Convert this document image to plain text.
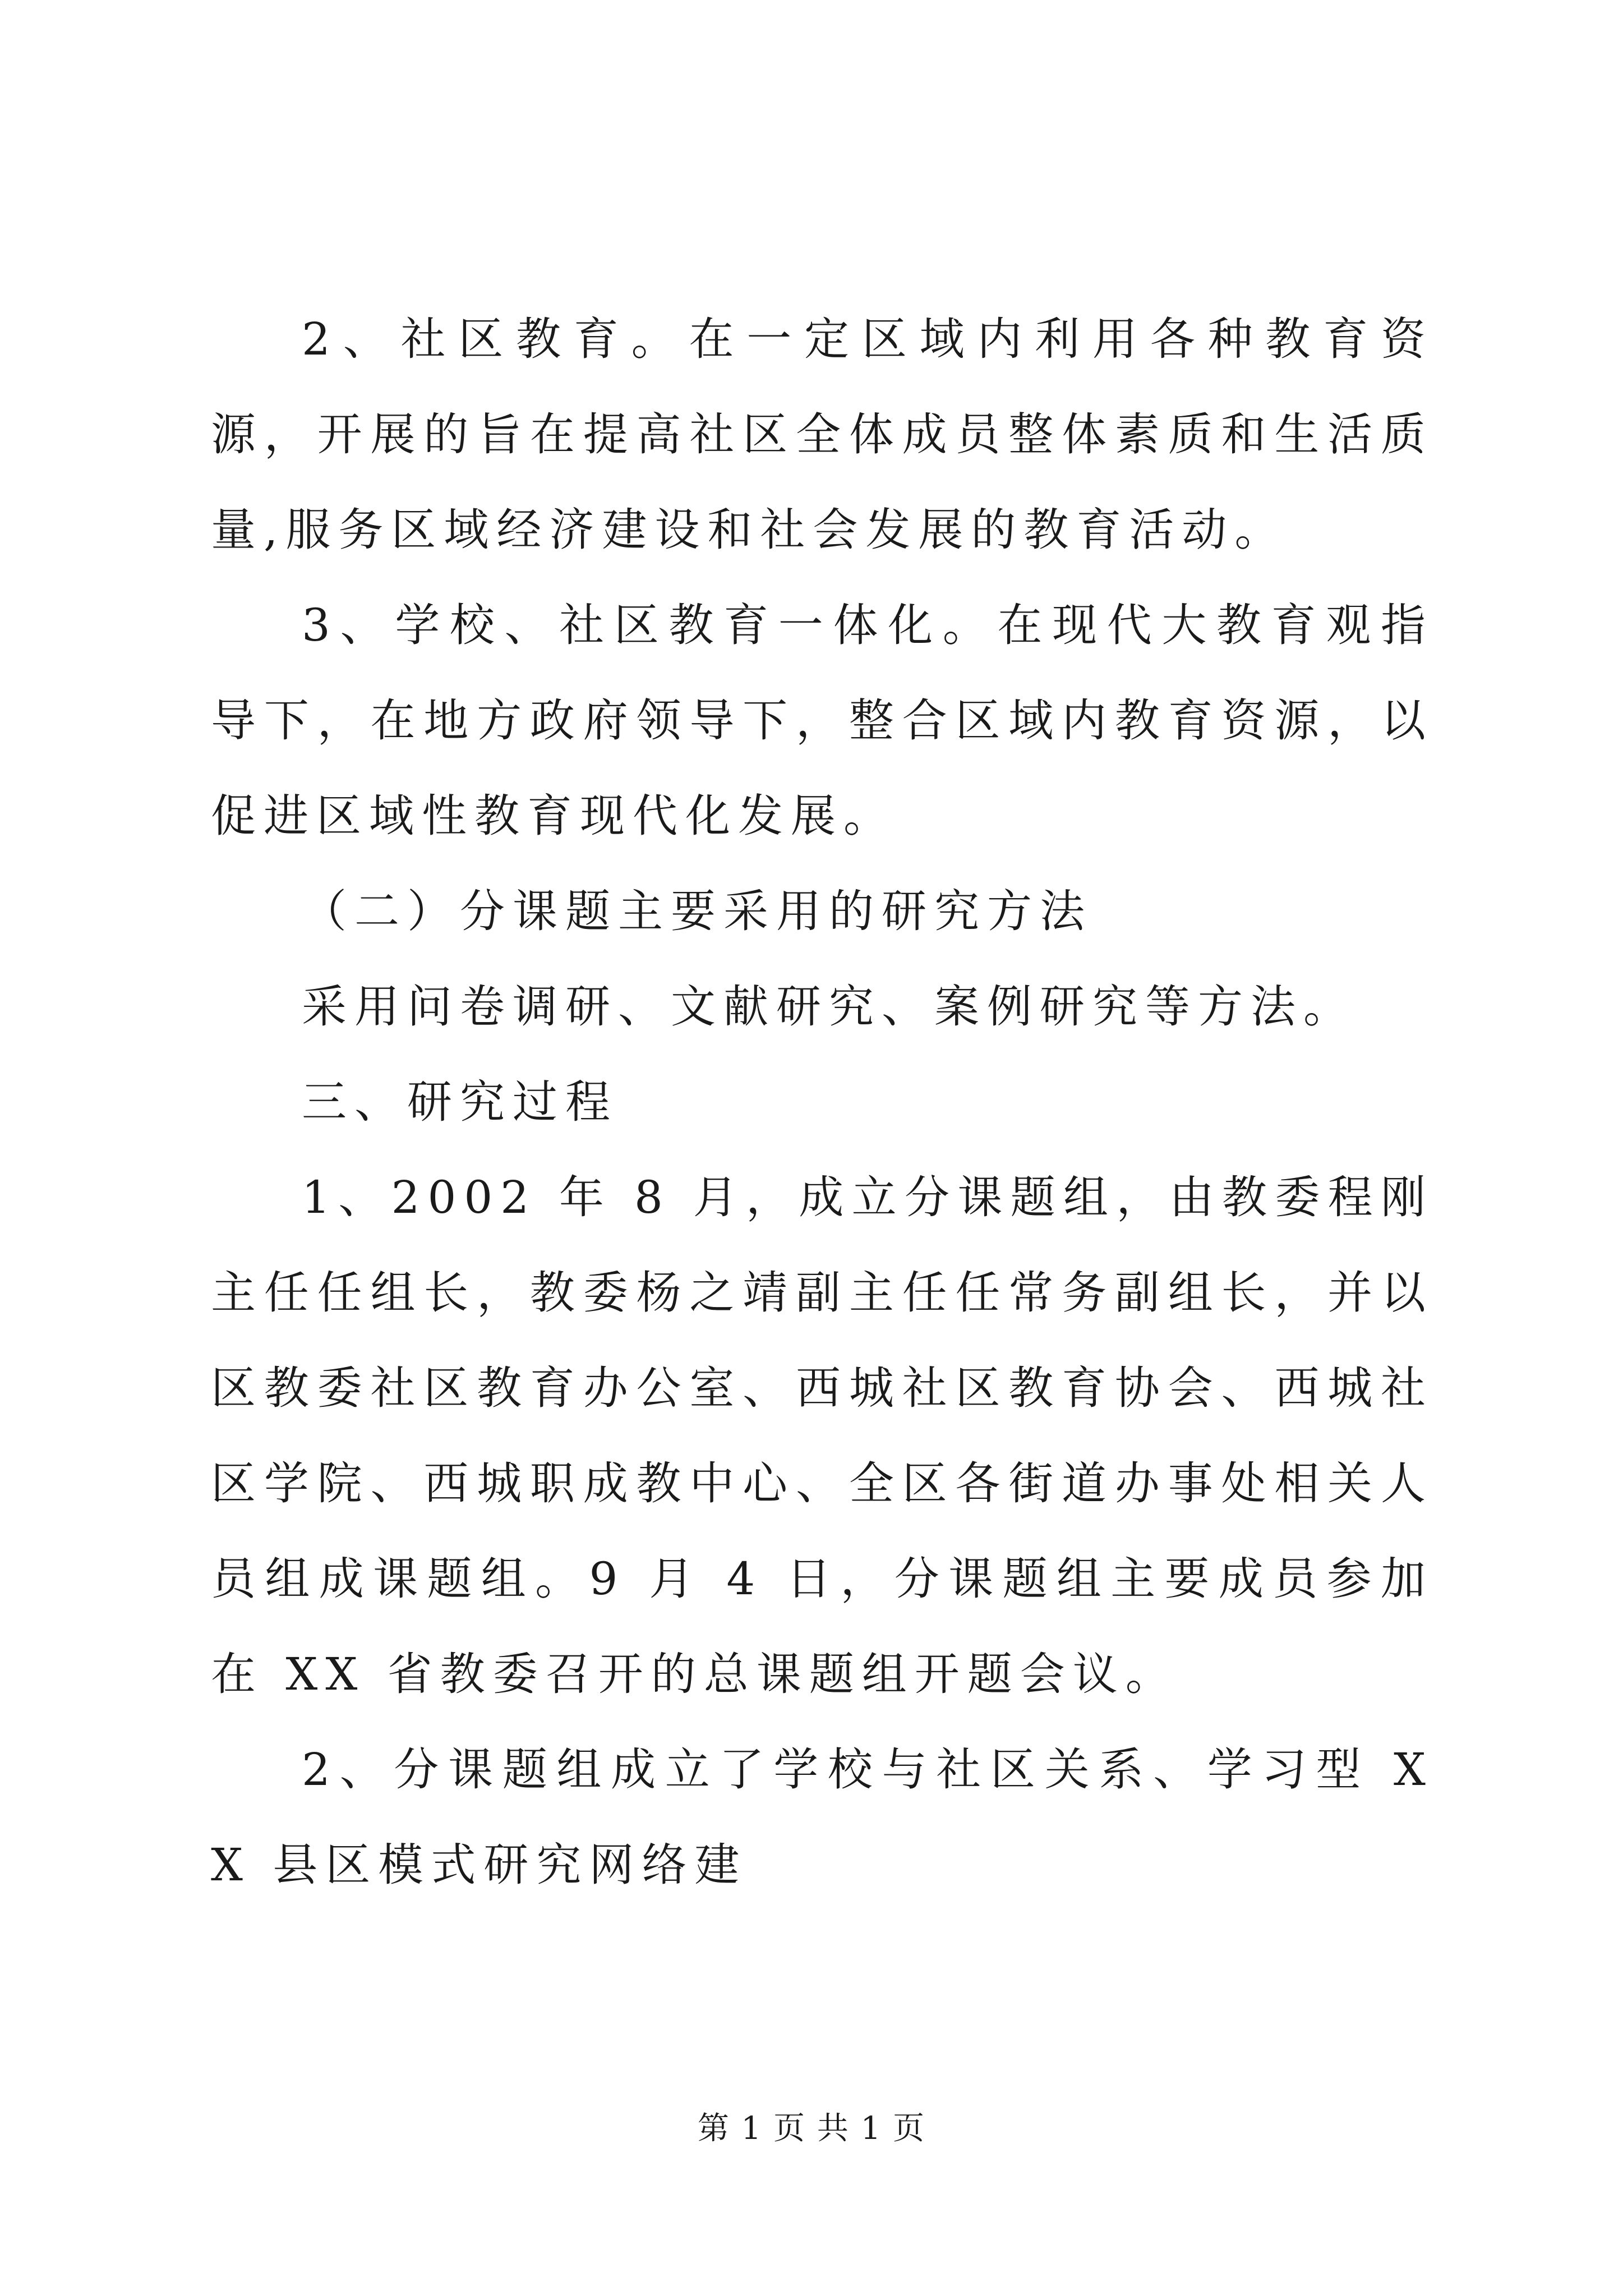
2、社区教育。在一定区域内利用各种教育资源，开展的旨在提高社区全体成员整体素质和生活质量,服务区域经济建设和社会发展的教育活动。

3、学校、社区教育一体化。在现代大教育观指导下，在地方政府领导下，整合区域内教育资源，以促进区域性教育现代化发展。

（二）分课题主要采用的研究方法

采用问卷调研、文献研究、案例研究等方法。

三、研究过程

1、2002 年 8 月，成立分课题组，由教委程刚主任任组长，教委杨之靖副主任任常务副组长，并以区教委社区教育办公室、西城社区教育协会、西城社区学院、西城职成教中心、全区各街道办事处相关人员组成课题组。9 月 4 日，分课题组主要成员参加在 XX 省教委召开的总课题组开题会议。

2、分课题组成立了学校与社区关系、学习型 XX 县区模式研究网络建

第 1 页 共 1 页
